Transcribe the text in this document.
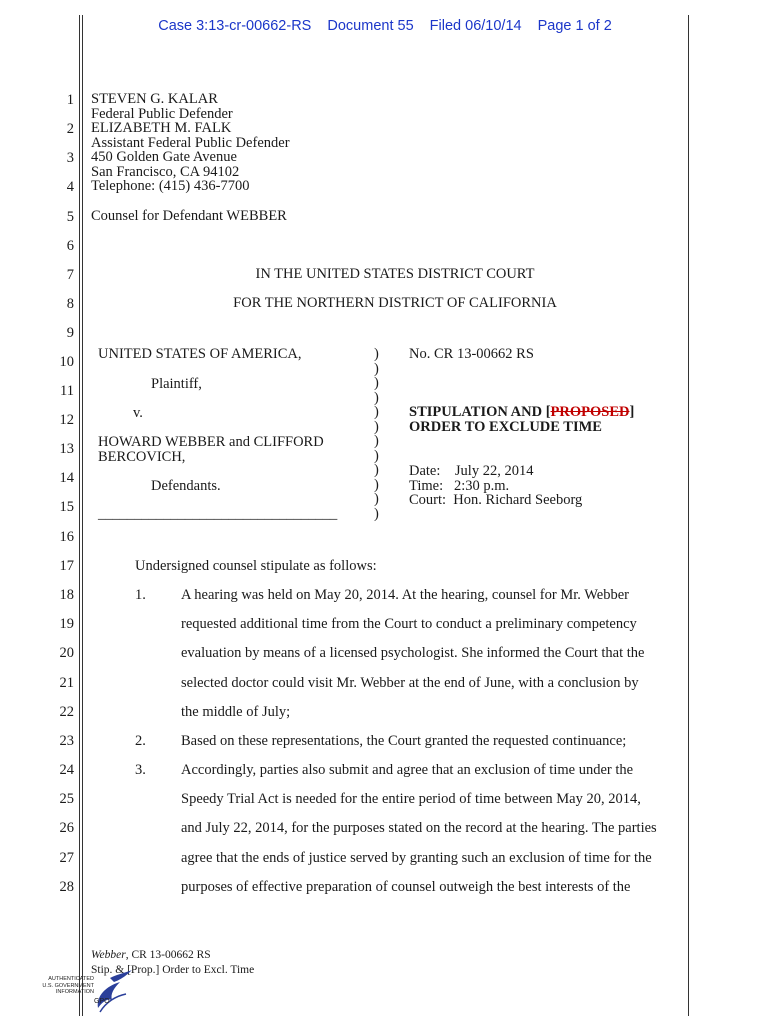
Case 3:13-cr-00662-RS Document 55 Filed 06/10/14 Page 1 of 2
1
2
3
4
5
6
7
8
9
10
11
12
13
14
15
16
17
18
19
20
21
22
23
24
25
26
27
28
STEVEN G. KALAR
Federal Public Defender
ELIZABETH M. FALK
Assistant Federal Public Defender
450 Golden Gate Avenue
San Francisco, CA 94102
Telephone: (415) 436-7700
Counsel for Defendant WEBBER
IN THE UNITED STATES DISTRICT COURT
FOR THE NORTHERN DISTRICT OF CALIFORNIA
UNITED STATES OF AMERICA,
Plaintiff,
v.
HOWARD WEBBER and CLIFFORD
BERCOVICH,
Defendants.
_________________________________
)
)
)
)
)
)
)
)
)
)
)
)
No. CR 13-00662 RS
STIPULATION AND [PROPOSED]
ORDER TO EXCLUDE TIME
Date:    July 22, 2014
Time:   2:30 p.m.
Court:  Hon. Richard Seeborg
Undersigned counsel stipulate as follows:
1. A hearing was held on May 20, 2014. At the hearing, counsel for Mr. Webber
requested additional time from the Court to conduct a preliminary competency
evaluation by means of a licensed psychologist. She informed the Court that the
selected doctor could visit Mr. Webber at the end of June, with a conclusion by
the middle of July;
2. Based on these representations, the Court granted the requested continuance;
3. Accordingly, parties also submit and agree that an exclusion of time under the
Speedy Trial Act is needed for the entire period of time between May 20, 2014,
and July 22, 2014, for the purposes stated on the record at the hearing. The parties
agree that the ends of justice served by granting such an exclusion of time for the
purposes of effective preparation of counsel outweigh the best interests of the
Webber, CR 13-00662 RS
Stip. & [Prop.] Order to Excl. Time
AUTHENTICATED
U.S. GOVERNMENT
INFORMATION
GPO
